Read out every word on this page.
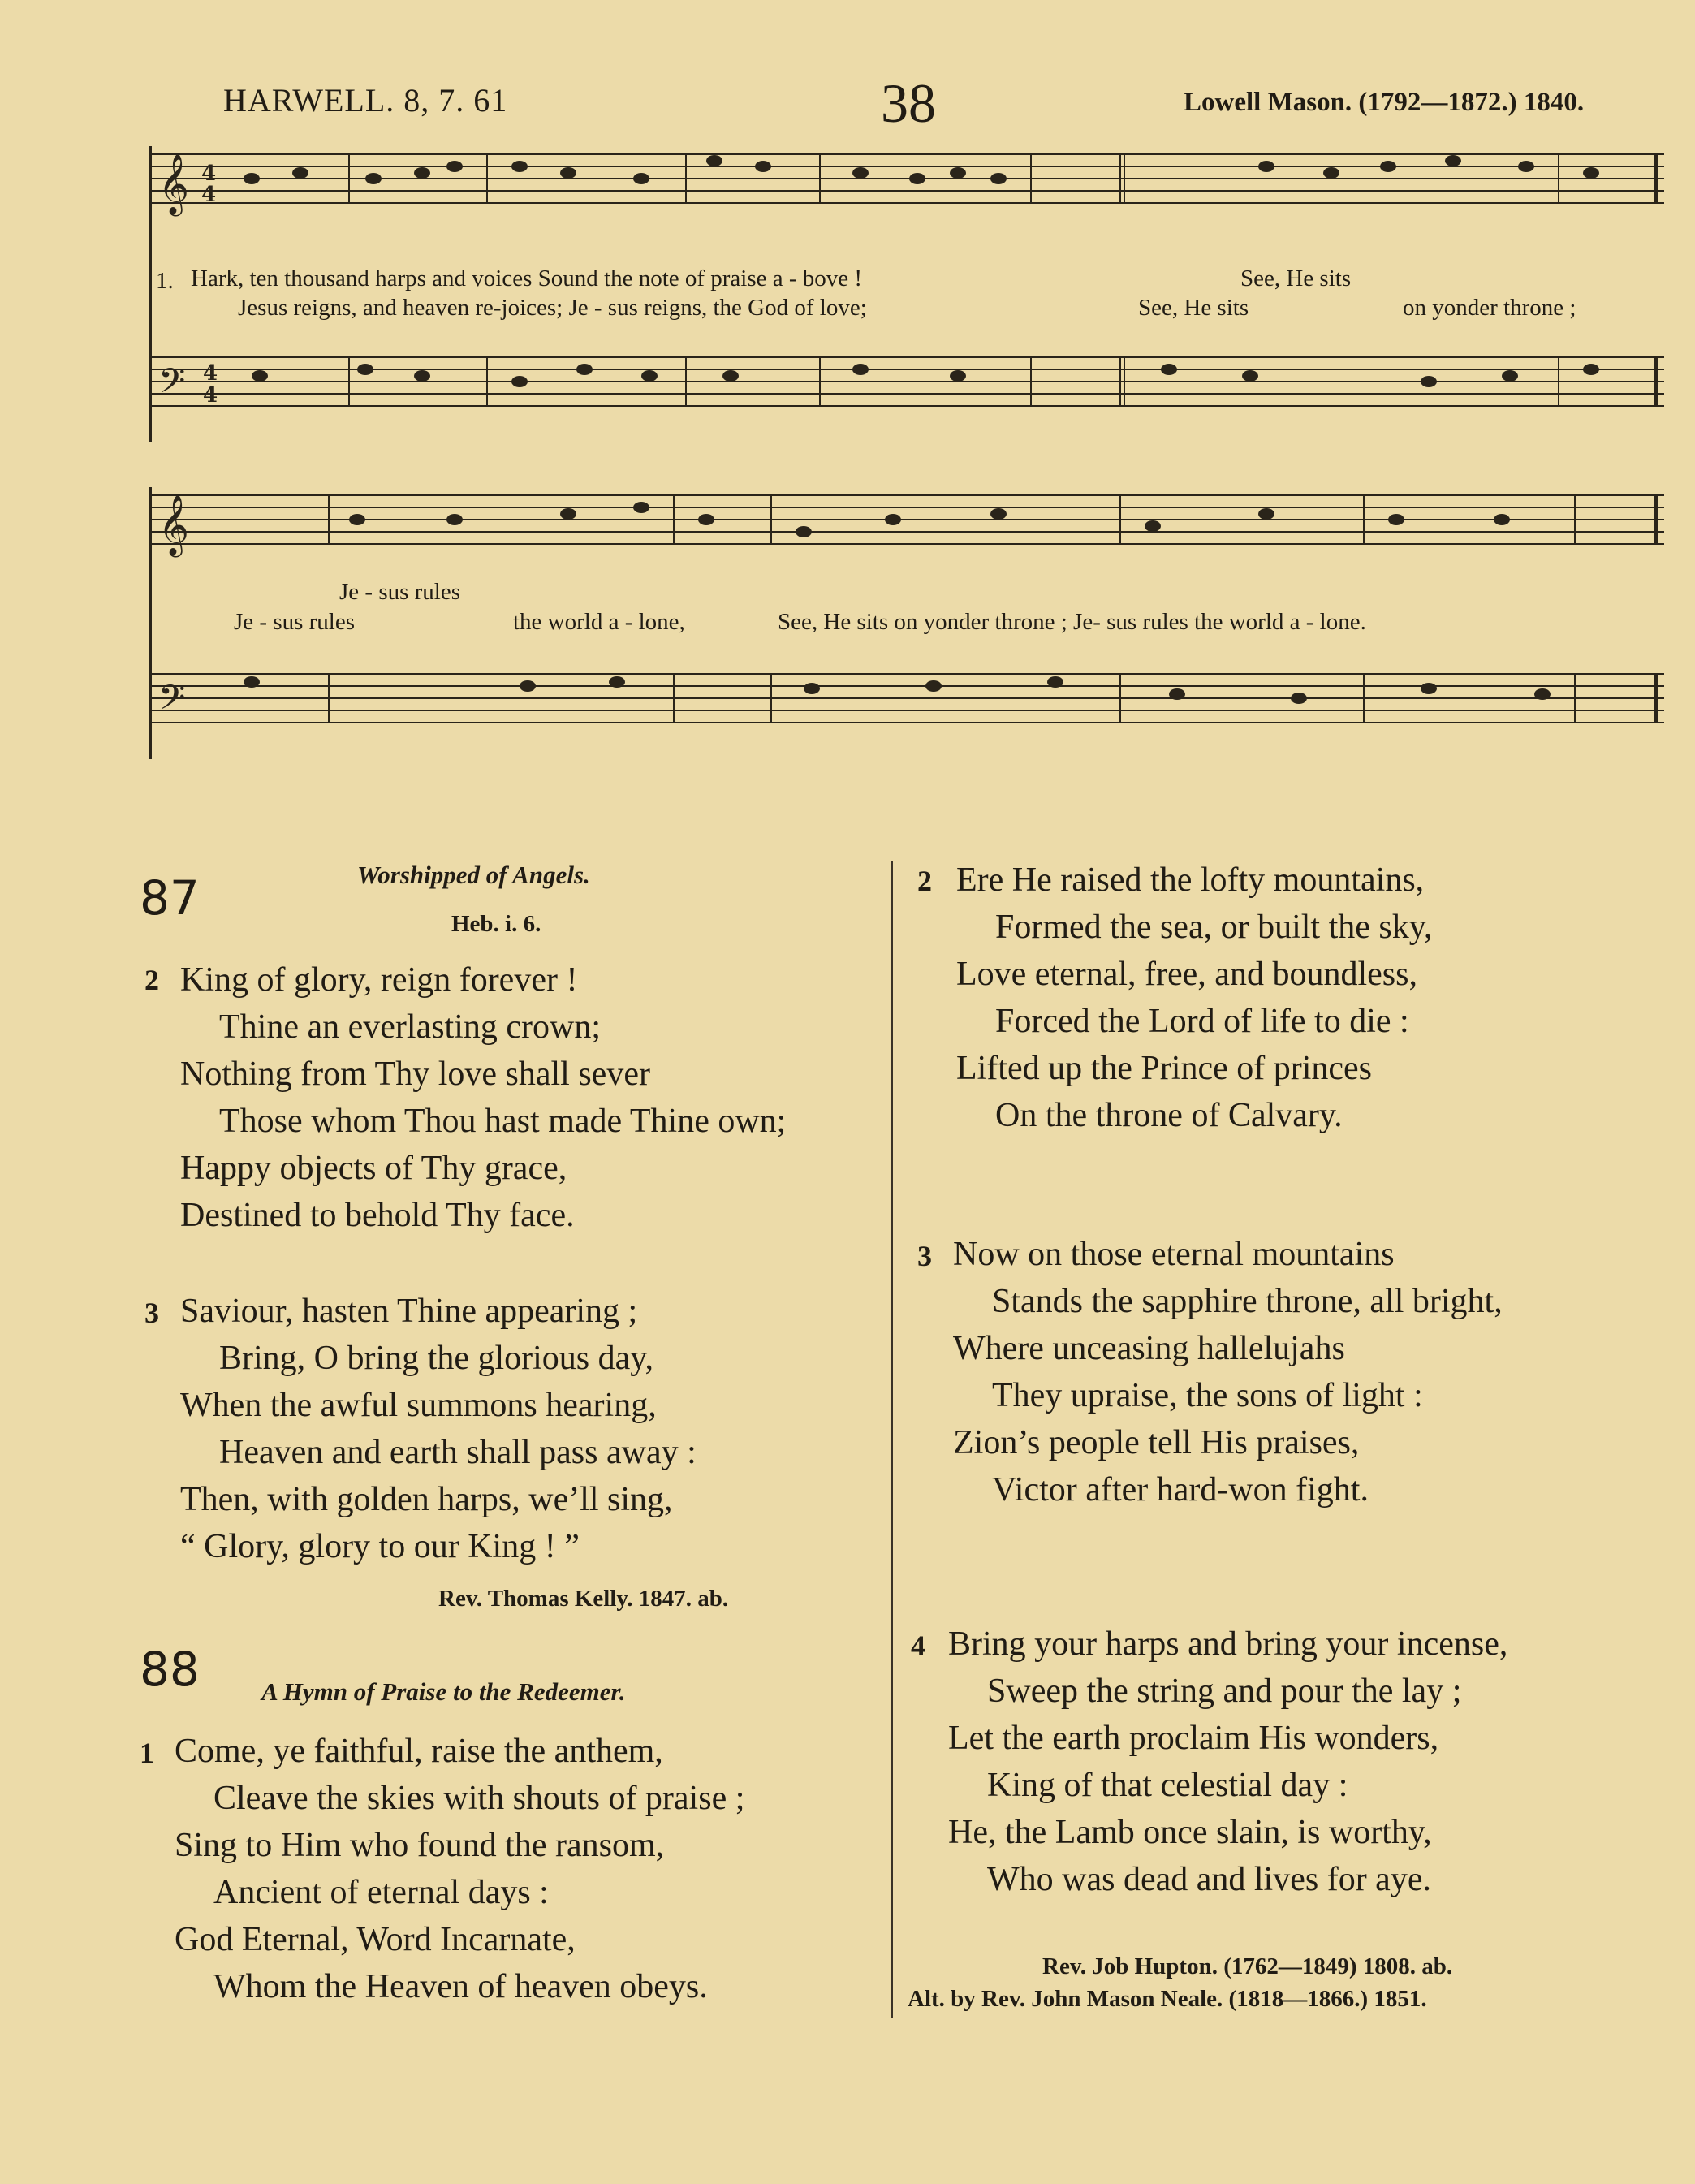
HARWELL. 8, 7. 61	38	Lowell Mason. (1792—1872.) 1840.
𝄞 4
4
𝄢 4
4
𝄞
𝄢
1. Hark, ten thousand harps and voices Sound the note of praise a - bove !
Jesus reigns, and heaven re-joices; Je - sus reigns, the God of love;
See, He sits
See, He sits	on yonder throne ;
Je - sus rules
Je - sus rules	the world a - lone,	See, He sits on yonder throne ; Je- sus rules the world a - lone.
87	Worshipped of Angels.
Heb. i. 6.
2 King of glory, reign forever !
Thine an everlasting crown;
Nothing from Thy love shall sever
Those whom Thou hast made Thine own;
Happy objects of Thy grace,
Destined to behold Thy face.
3 Saviour, hasten Thine appearing ;
Bring, O bring the glorious day,
When the awful summons hearing,
Heaven and earth shall pass away :
Then, with golden harps, we’ll sing,
“ Glory, glory to our King ! ”
Rev. Thomas Kelly. 1847. ab.
88 A Hymn of Praise to the Redeemer.
1 Come, ye faithful, raise the anthem,
Cleave the skies with shouts of praise ;
Sing to Him who found the ransom,
Ancient of eternal days :
God Eternal, Word Incarnate,
Whom the Heaven of heaven obeys.
2 Ere He raised the lofty mountains,
Formed the sea, or built the sky,
Love eternal, free, and boundless,
Forced the Lord of life to die :
Lifted up the Prince of princes
On the throne of Calvary.
3 Now on those eternal mountains
Stands the sapphire throne, all bright,
Where unceasing hallelujahs
They upraise, the sons of light :
Zion’s people tell His praises,
Victor after hard-won fight.
4 Bring your harps and bring your incense,
Sweep the string and pour the lay ;
Let the earth proclaim His wonders,
King of that celestial day :
He, the Lamb once slain, is worthy,
Who was dead and lives for aye.
Rev. Job Hupton. (1762—1849) 1808. ab.
Alt. by Rev. John Mason Neale. (1818—1866.) 1851.
